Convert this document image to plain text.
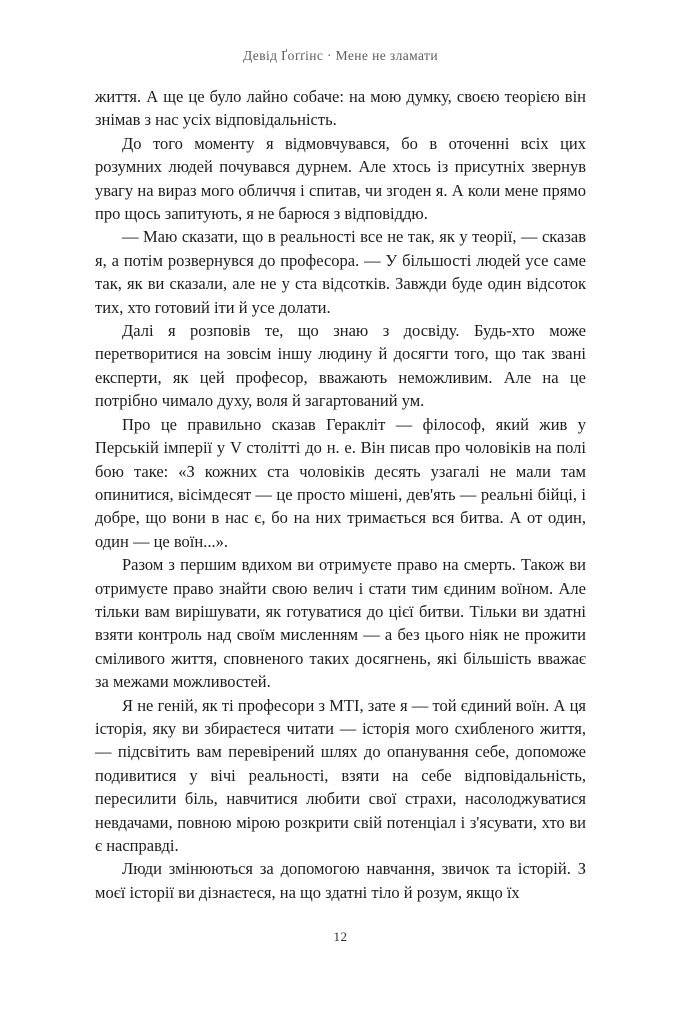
Девід Ґоґґінс · Мене не зламати

життя. А ще це було лайно собаче: на мою думку, своєю теорією він знімав з нас усіх відповідальність.

До того моменту я відмовчувався, бо в оточенні всіх цих розумних людей почувався дурнем. Але хтось із присутніх звернув увагу на вираз мого обличчя і спитав, чи згоден я. А коли мене прямо про щось запитують, я не барюся з відповіддю.

— Маю сказати, що в реальності все не так, як у теорії, — сказав я, а потім розвернувся до професора. — У більшості людей усе саме так, як ви сказали, але не у ста відсотків. Завжди буде один відсоток тих, хто готовий іти й усе долати.

Далі я розповів те, що знаю з досвіду. Будь-хто може перетворитися на зовсім іншу людину й досягти того, що так звані експерти, як цей професор, вважають неможливим. Але на це потрібно чимало духу, воля й загартований ум.

Про це правильно сказав Геракліт — філософ, який жив у Перській імперії у V столітті до н. е. Він писав про чоловіків на полі бою таке: «З кожних ста чоловіків десять узагалі не мали там опинитися, вісімдесят — це просто мішені, дев'ять — реальні бійці, і добре, що вони в нас є, бо на них тримається вся битва. А от один, один — це воїн...».

Разом з першим вдихом ви отримуєте право на смерть. Також ви отримуєте право знайти свою велич і стати тим єдиним воїном. Але тільки вам вирішувати, як готуватися до цієї битви. Тільки ви здатні взяти контроль над своїм мисленням — а без цього ніяк не прожити сміливого життя, сповненого таких досягнень, які більшість вважає за межами можливостей.

Я не геній, як ті професори з МТІ, зате я — той єдиний воїн. А ця історія, яку ви збираєтеся читати — історія мого схибленого життя, — підсвітить вам перевірений шлях до опанування себе, допоможе подивитися у вічі реальності, взяти на себе відповідальність, пересилити біль, навчитися любити свої страхи, насолоджуватися невдачами, повною мірою розкрити свій потенціал і з'ясувати, хто ви є насправді.

Люди змінюються за допомогою навчання, звичок та історій. З моєї історії ви дізнаєтеся, на що здатні тіло й розум, якщо їх

12
